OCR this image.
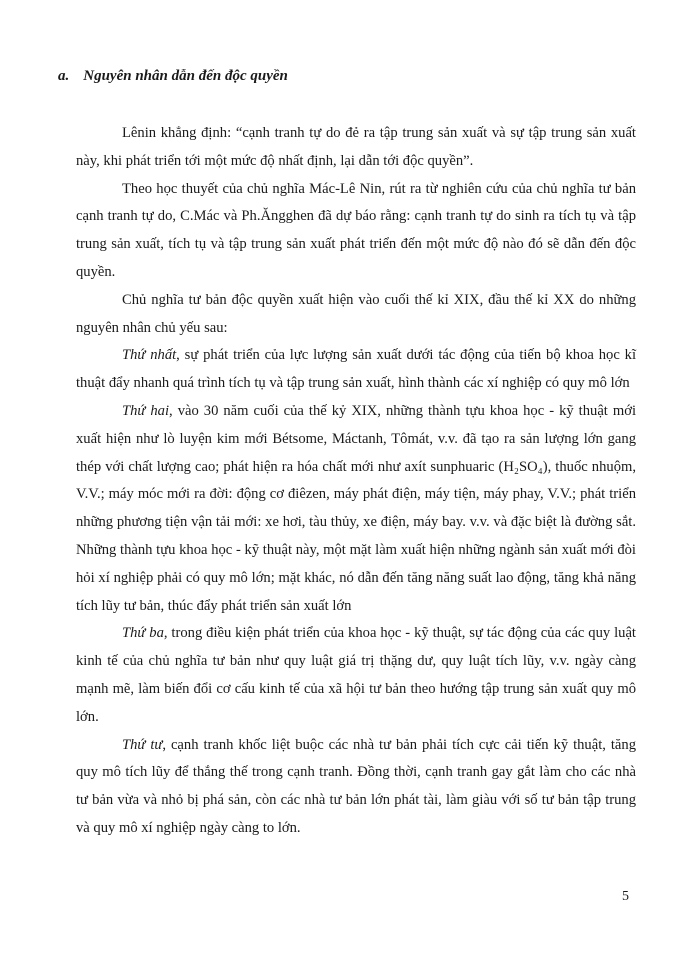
a. Nguyên nhân dẫn đến độc quyền

Lênin khẳng định: “cạnh tranh tự do đẻ ra tập trung sản xuất và sự tập trung sản xuất này, khi phát triển tới một mức độ nhất định, lại dẫn tới độc quyền”.

Theo học thuyết của chủ nghĩa Mác-Lê Nin, rút ra từ nghiên cứu của chủ nghĩa tư bản cạnh tranh tự do, C.Mác và Ph.Ăngghen đã dự báo rằng: cạnh tranh tự do sinh ra tích tụ và tập trung sản xuất, tích tụ và tập trung sản xuất phát triển đến một mức độ nào đó sẽ dẫn đến độc quyền.

Chủ nghĩa tư bản độc quyền xuất hiện vào cuối thế kỉ XIX, đầu thế kỉ XX do những nguyên nhân chủ yếu sau:

Thứ nhất, sự phát triển của lực lượng sản xuất dưới tác động của tiến bộ khoa học kĩ thuật đẩy nhanh quá trình tích tụ và tập trung sản xuất, hình thành các xí nghiệp có quy mô lớn

Thứ hai, vào 30 năm cuối của thế kỷ XIX, những thành tựu khoa học - kỹ thuật mới xuất hiện như lò luyện kim mới Bétsome, Máctanh, Tômát, v.v. đã tạo ra sản lượng lớn gang thép với chất lượng cao; phát hiện ra hóa chất mới như axít sunphuaric (H₂SO₄), thuốc nhuộm, V.V.; máy móc mới ra đời: động cơ điêzen, máy phát điện, máy tiện, máy phay, V.V.; phát triển những phương tiện vận tải mới: xe hơi, tàu thủy, xe điện, máy bay. v.v. và đặc biệt là đường sắt. Những thành tựu khoa học - kỹ thuật này, một mặt làm xuất hiện những ngành sản xuất mới đòi hỏi xí nghiệp phải có quy mô lớn; mặt khác, nó dẫn đến tăng năng suất lao động, tăng khả năng tích lũy tư bản, thúc đẩy phát triển sản xuất lớn

Thứ ba, trong điều kiện phát triển của khoa học - kỹ thuật, sự tác động của các quy luật kinh tế của chủ nghĩa tư bản như quy luật giá trị thặng dư, quy luật tích lũy, v.v. ngày càng mạnh mẽ, làm biến đổi cơ cấu kinh tế của xã hội tư bản theo hướng tập trung sản xuất quy mô lớn.

Thứ tư, cạnh tranh khốc liệt buộc các nhà tư bản phải tích cực cải tiến kỹ thuật, tăng quy mô tích lũy để thắng thế trong cạnh tranh. Đồng thời, cạnh tranh gay gắt làm cho các nhà tư bản vừa và nhỏ bị phá sản, còn các nhà tư bản lớn phát tài, làm giàu với số tư bản tập trung và quy mô xí nghiệp ngày càng to lớn.

5
